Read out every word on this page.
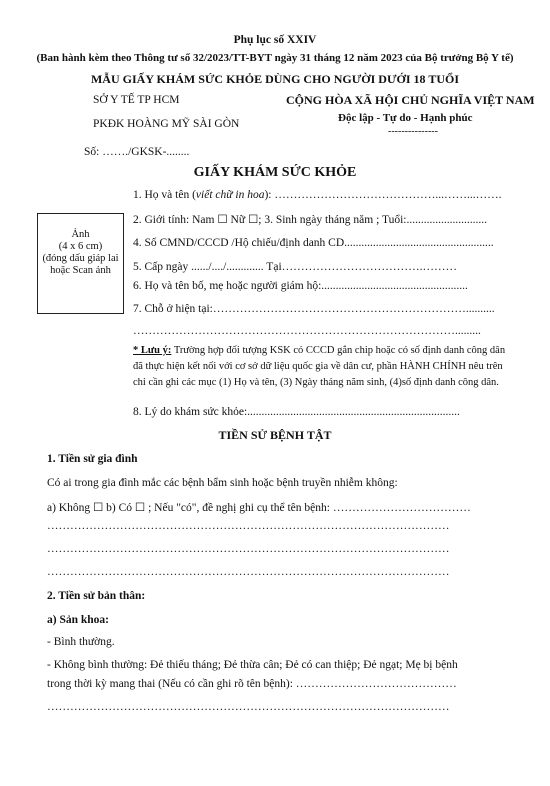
Phụ lục số XXIV
(Ban hành kèm theo Thông tư số 32/2023/TT-BYT ngày 31 tháng 12 năm 2023 của Bộ trưởng Bộ Y tế)
MẪU GIẤY KHÁM SỨC KHỎE DÙNG CHO NGƯỜI DƯỚI 18 TUỔI
SỞ Y TẾ TP HCM
PKĐK HOÀNG MỸ SÀI GÒN
CỘNG HÒA XÃ HỘI CHỦ NGHĨA VIỆT NAM
Độc lập - Tự do - Hạnh phúc
---------------
Số: ……./GKSK-........
GIẤY KHÁM SỨC KHỎE
Ảnh
(4 x 6 cm)
(đóng dấu giáp lai hoặc Scan ảnh
1. Họ và tên (viết chữ in hoa): ……………………………………...……...…….
2. Giới tính: Nam ☐ Nữ ☐; 3. Sinh ngày tháng năm ; Tuổi:............................
4. Số CMND/CCCD /Hộ chiếu/định danh CD....................................................
5. Cấp ngày ....../..../............. Tại……………………………….………
6. Họ và tên bố, mẹ hoặc người giám hộ:...................................................
7. Chỗ ở hiện tại:…………………………………………………………..........
………………………………………………………………………….........
* Lưu ý: Trường hợp đối tượng KSK có CCCD gắn chip hoặc có số định danh công dân đã thực hiện kết nối với cơ sở dữ liệu quốc gia về dân cư, phần HÀNH CHÍNH nêu trên chỉ cần ghi các mục (1) Họ và tên, (3) Ngày tháng năm sinh, (4)số định danh công dân.
8. Lý do khám sức khỏe:..........................................................................
TIỀN SỬ BỆNH TẬT
1. Tiền sử gia đình
Có ai trong gia đình mắc các bệnh bẩm sinh hoặc bệnh truyền nhiễm không:
a) Không ☐ b) Có ☐ ; Nếu "có", đề nghị ghi cụ thể tên bệnh: ………………………………
……………………………………………………………………………………………
……………………………………………………………………………………………
……………………………………………………………………………………………
2. Tiền sử bản thân:
a) Sản khoa:
- Bình thường.
- Không bình thường: Đẻ thiếu tháng; Đẻ thừa cân; Đẻ có can thiệp; Đẻ ngạt; Mẹ bị bệnh
trong thời kỳ mang thai (Nếu có cần ghi rõ tên bệnh): ……………………………………
……………………………………………………………………………………………
